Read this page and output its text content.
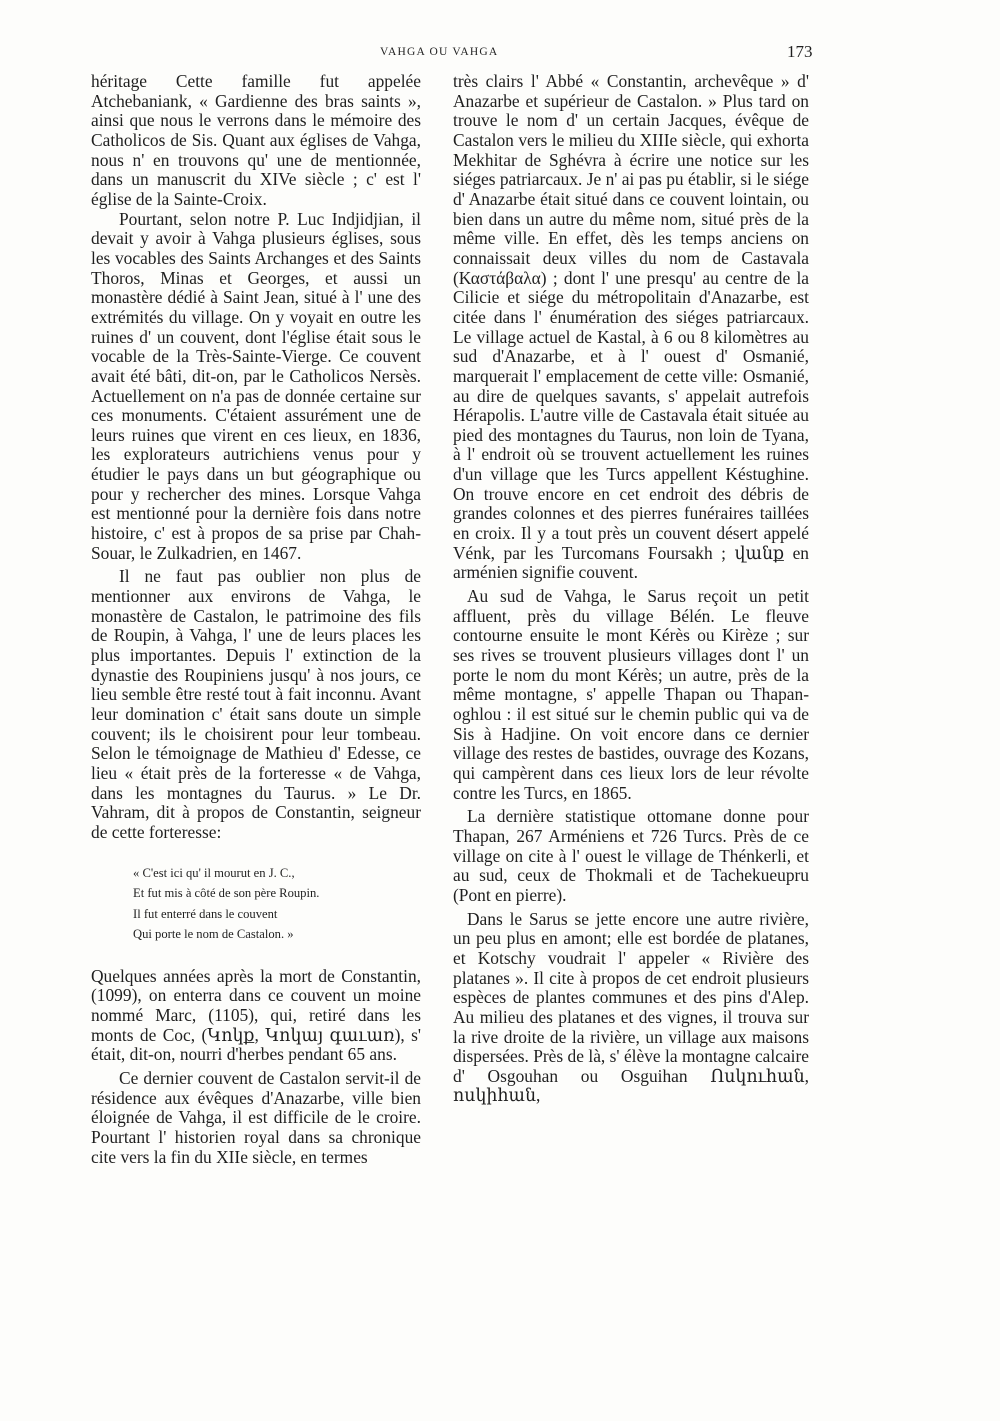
VAHGA OU VAHGA	173

héritage Cette famille fut appelée Atchebaniank, « Gardienne des bras saints », ainsi que nous le verrons dans le mémoire des Catholicos de Sis. Quant aux églises de Vahga, nous n' en trouvons qu' une de mentionnée, dans un manuscrit du XIVe siècle ; c' est l' église de la Sainte-Croix.

Pourtant, selon notre P. Luc Indjidjian, il devait y avoir à Vahga plusieurs églises, sous les vocables des Saints Archanges et des Saints Thoros, Minas et Georges, et aussi un monastère dédié à Saint Jean, situé à l' une des extrémités du village. On y voyait en outre les ruines d' un couvent, dont l'église était sous le vocable de la Très-Sainte-Vierge. Ce couvent avait été bâti, dit-on, par le Catholicos Nersès. Actuellement on n'a pas de donnée certaine sur ces monuments. C'étaient assurément une de leurs ruines que virent en ces lieux, en 1836, les explorateurs autrichiens venus pour y étudier le pays dans un but géographique ou pour y rechercher des mines. Lorsque Vahga est mentionné pour la dernière fois dans notre histoire, c' est à propos de sa prise par Chah-Souar, le Zulkadrien, en 1467.

Il ne faut pas oublier non plus de mentionner aux environs de Vahga, le monastère de Castalon, le patrimoine des fils de Roupin, à Vahga, l' une de leurs places les plus importantes. Depuis l' extinction de la dynastie des Roupiniens jusqu' à nos jours, ce lieu semble être resté tout à fait inconnu. Avant leur domination c' était sans doute un simple couvent; ils le choisirent pour leur tombeau. Selon le témoignage de Mathieu d' Edesse, ce lieu « était près de la forteresse « de Vahga, dans les montagnes du Taurus. » Le Dr. Vahram, dit à propos de Constantin, seigneur de cette forteresse:

« C'est ici qu' il mourut en J. C.,
Et fut mis à côté de son père Roupin.
Il fut enterré dans le couvent
Qui porte le nom de Castalon. »

Quelques années après la mort de Constantin, (1099), on enterra dans ce couvent un moine nommé Marc, (1105), qui, retiré dans les monts de Coc, (Կոկք, Կոկայ գաւառ), s' était, dit-on, nourri d'herbes pendant 65 ans.

Ce dernier couvent de Castalon servit-il de résidence aux évêques d'Anazarbe, ville bien éloignée de Vahga, il est difficile de le croire. Pourtant l' historien royal dans sa chronique cite vers la fin du XIIe siècle, en termes

très clairs l' Abbé « Constantin, archevêque » d' Anazarbe et supérieur de Castalon. » Plus tard on trouve le nom d' un certain Jacques, évêque de Castalon vers le milieu du XIIIe siècle, qui exhorta Mekhitar de Sghévra à écrire une notice sur les siéges patriarcaux. Je n' ai pas pu établir, si le siége d' Anazarbe était situé dans ce couvent lointain, ou bien dans un autre du même nom, situé près de la même ville. En effet, dès les temps anciens on connaissait deux villes du nom de Castavala (Καστάβαλα) ; dont l' une presqu' au centre de la Cilicie et siége du métropolitain d'Anazarbe, est citée dans l' énumération des siéges patriarcaux. Le village actuel de Kastal, à 6 ou 8 kilomètres au sud d'Anazarbe, et à l' ouest d' Osmanié, marquerait l' emplacement de cette ville: Osmanié, au dire de quelques savants, s' appelait autrefois Hérapolis. L'autre ville de Castavala était située au pied des montagnes du Taurus, non loin de Tyana, à l' endroit où se trouvent actuellement les ruines d'un village que les Turcs appellent Késtughine. On trouve encore en cet endroit des débris de grandes colonnes et des pierres funéraires taillées en croix. Il y a tout près un couvent désert appelé Vénk, par les Turcomans Foursakh ; վանք en arménien signifie couvent.

Au sud de Vahga, le Sarus reçoit un petit affluent, près du village Bélén. Le fleuve contourne ensuite le mont Kérès ou Kirèze ; sur ses rives se trouvent plusieurs villages dont l' un porte le nom du mont Kérès; un autre, près de la même montagne, s' appelle Thapan ou Thapan-oghlou : il est situé sur le chemin public qui va de Sis à Hadjine. On voit encore dans ce dernier village des restes de bastides, ouvrage des Kozans, qui campèrent dans ces lieux lors de leur révolte contre les Turcs, en 1865.

La dernière statistique ottomane donne pour Thapan, 267 Arméniens et 726 Turcs. Près de ce village on cite à l' ouest le village de Thénkerli, et au sud, ceux de Thokmali et de Tachekueupru (Pont en pierre).

Dans le Sarus se jette encore une autre rivière, un peu plus en amont; elle est bordée de platanes, et Kotschy voudrait l' appeler « Rivière des platanes ». Il cite à propos de cet endroit plusieurs espèces de plantes communes et des pins d'Alep. Au milieu des platanes et des vignes, il trouva sur la rive droite de la rivière, un village aux maisons dispersées. Près de là, s' élève la montagne calcaire d' Osgouhan ou Osguihan Ոսկուհան, ոսկիհան,
